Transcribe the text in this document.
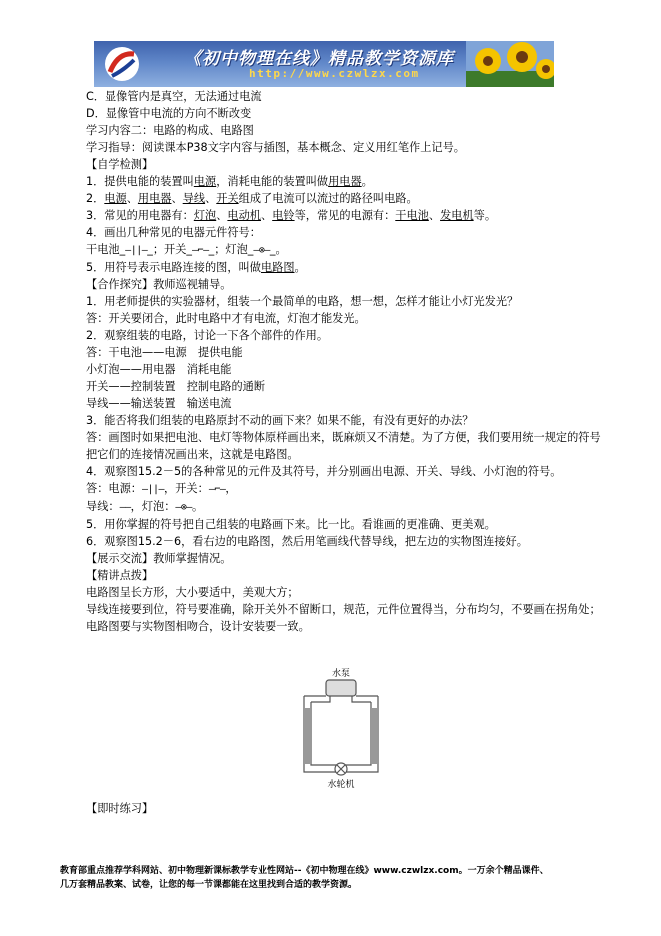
《初中物理在线》精品教学资源库
http://www.czwlzx.com

C．显像管内是真空，无法通过电流

D．显像管中电流的方向不断改变

学习内容二：电路的构成、电路图

学习指导：阅读课本P38文字内容与插图，基本概念、定义用红笔作上记号。

【自学检测】

1．提供电能的装置叫电源，消耗电能的装置叫做用电器。

2．电源、用电器、导线、开关组成了电流可以流过的路径叫电路。

3．常见的用电器有：灯泡、电动机、电铃等，常见的电源有：干电池、发电机等。

4．画出几种常见的电器元件符号：

干电池_–||–_；开关_–⌐–_；灯泡_–⊗–_。

5．用符号表示电路连接的图，叫做电路图。

【合作探究】教师巡视辅导。

1．用老师提供的实验器材，组装一个最简单的电路，想一想，怎样才能让小灯光发光？

答：开关要闭合，此时电路中才有电流，灯泡才能发光。

2．观察组装的电路，讨论一下各个部件的作用。

答：干电池——电源　提供电能

小灯泡——用电器　消耗电能

开关——控制装置　控制电路的通断

导线——输送装置　输送电流

3．能否将我们组装的电路原封不动的画下来？如果不能，有没有更好的办法？

答：画图时如果把电池、电灯等物体原样画出来，既麻烦又不清楚。为了方便，我们要用统一规定的符号把它们的连接情况画出来，这就是电路图。

4．观察图15.2－5的各种常见的元件及其符号，并分别画出电源、开关、导线、小灯泡的符号。

答：电源：–||–，开关：–⌐–，

导线：——，灯泡：–⊗–。

5．用你掌握的符号把自己组装的电路画下来。比一比。看谁画的更准确、更美观。

6．观察图15.2－6，看右边的电路图，然后用笔画线代替导线，把左边的实物图连接好。

【展示交流】教师掌握情况。

【精讲点拨】

电路图呈长方形，大小要适中，美观大方；

导线连接要到位，符号要准确，除开关外不留断口，规范，元件位置得当，分布均匀，不要画在拐角处；

电路图要与实物图相吻合，设计安装要一致。

水泵
水轮机

【即时练习】

教育部重点推荐学科网站、初中物理新课标教学专业性网站--《初中物理在线》www.czwlzx.com。一万余个精品课件、

几万套精品教案、试卷，让您的每一节课都能在这里找到合适的教学资源。
